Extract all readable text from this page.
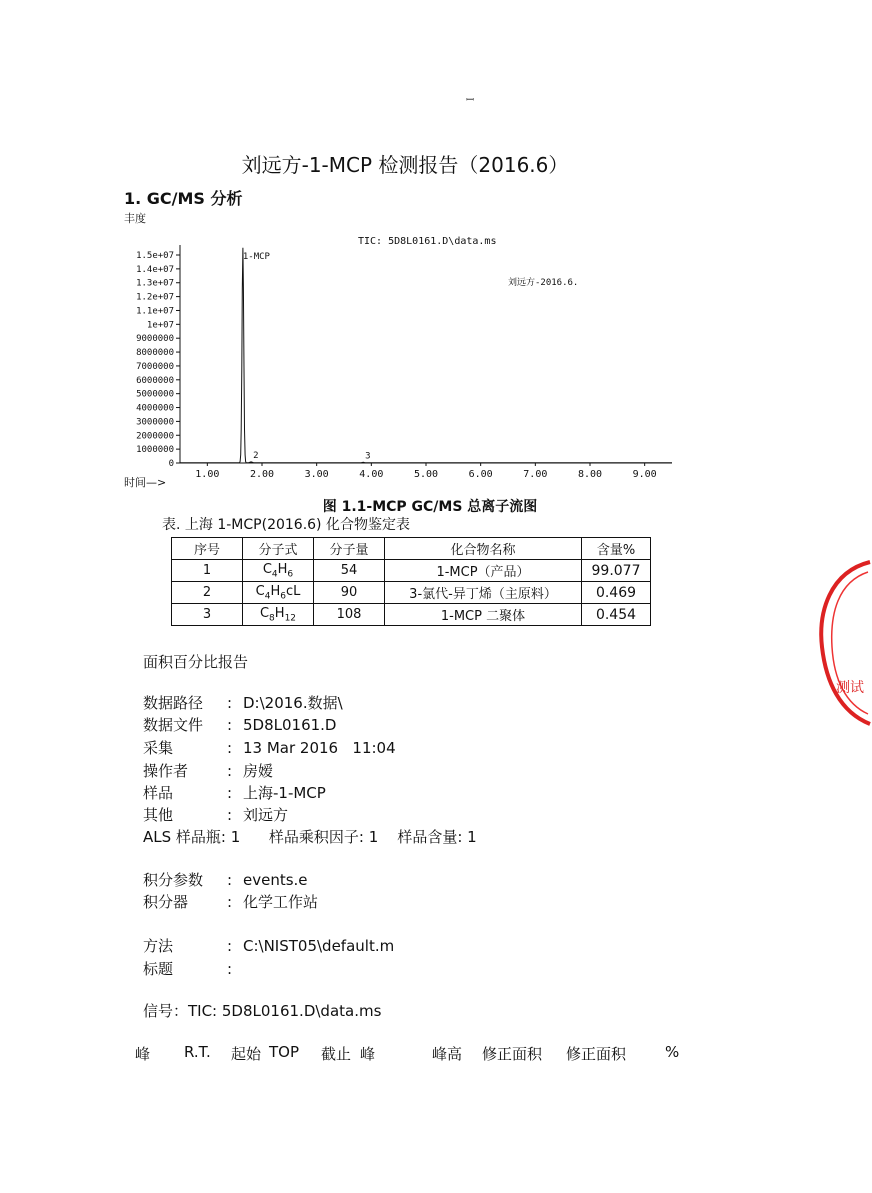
ꟷ
刘远方-1-MCP 检测报告（2016.6）
1. GC/MS 分析
丰度
0
1000000
2000000
3000000
4000000
5000000
6000000
7000000
8000000
9000000
1e+07
1.1e+07
1.2e+07
1.3e+07
1.4e+07
1.5e+07
1.00	2.00	3.00	4.00	5.00	6.00	7.00	8.00	9.00
1-MCP
2	3
TIC: 5D8L0161.D\data.ms
刘远方-2016.6.
时间—>
图 1.1-MCP GC/MS 总离子流图
表. 上海 1-MCP(2016.6) 化合物鉴定表
序号	分子式	分子量	化合物名称	含量%
1	$C_4H_6$	54	1-MCP（产品）	99.077
2	$C_4H_6cL$	90	3-氯代-异丁烯（主原料）	0.469
3	$C_8H_{12}$	108	1-MCP 二聚体	0.454
面积百分比报告
数据路径 : D:\2016.数据\
数据文件 : 5D8L0161.D
采集	: 13 Mar 2016   11:04
操作者	: 房嫒
样品	: 上海-1-MCP
其他	: 刘远方
ALS 样品瓶: 1      样品乘积因子: 1    样品含量: 1
积分参数 : events.e
积分器	: 化学工作站
方法	: C:\NIST05\default.m
标题	:
信号：TIC: 5D8L0161.D\data.ms
峰 R.T. 起始 TOP 截止 峰	峰高 修正面积 修正面积	%
测试
